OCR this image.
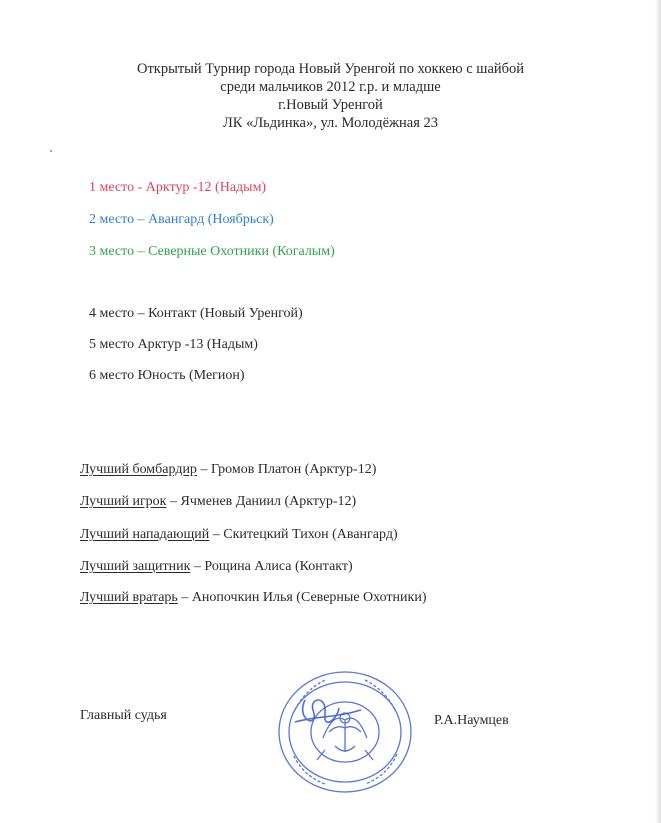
Открытый Турнир города Новый Уренгой по хоккею с шайбой
среди мальчиков 2012 г.р. и младше
г.Новый Уренгой
ЛК «Льдинка», ул. Молодёжная 23
1 место - Арктур -12 (Надым)
2 место – Авангард (Ноябрьск)
3 место – Северные Охотники (Когалым)
4 место – Контакт (Новый Уренгой)
5 место Арктур -13 (Надым)
6 место Юность (Мегион)
Лучший бомбардир – Громов Платон (Арктур-12)
Лучший игрок – Ячменев Даниил (Арктур-12)
Лучший нападающий – Скитецкий Тихон (Авангард)
Лучший защитник – Рощина Алиса (Контакт)
Лучший вратарь – Анопочкин Илья (Северные Охотники)
Главный судья	Р.А.Наумцев
